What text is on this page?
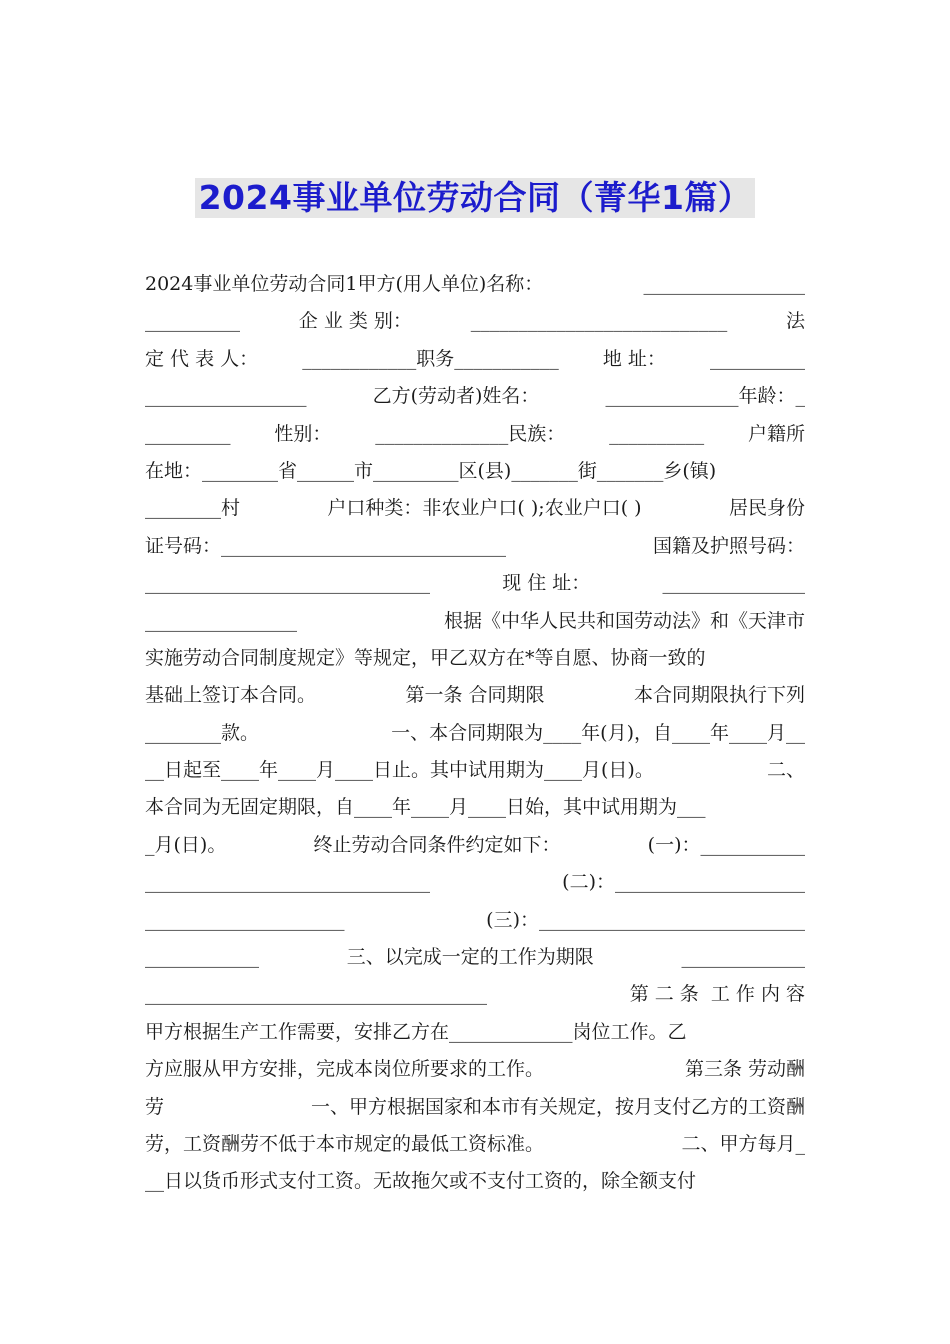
2024事业单位劳动合同（菁华1篇）
2024事业单位劳动合同1甲方(用人单位)名称：	_________________
__________	企 业 类 别：	___________________________	法
定 代 表 人： ____________职务___________ 地 址： __________
_________________	乙方(劳动者)姓名：	______________年龄：_
_________ 性别： ______________民族： __________ 户籍所
在地：________省______市_________区(县)_______街_______乡(镇)
________村	户口种类：非农业户口( );农业户口( )	居民身份
证号码：______________________________	国籍及护照号码：
______________________________	现 住 址：	_______________
________________	根据《中华人民共和国劳动法》和《天津市
实施劳动合同制度规定》等规定，甲乙双方在*等自愿、协商一致的
基础上签订本合同。	第一条 合同期限	本合同期限执行下列
________款。	一、本合同期限为____年(月)，自____年____月__
__日起至____年____月____日止。其中试用期为____月(日)。	二、
本合同为无固定期限，自____年____月____日始，其中试用期为___
_月(日)。	终止劳动合同条件约定如下：	(一)：___________
______________________________	(二)：____________________
_____________________	(三)：____________________________
____________	三、以完成一定的工作为期限	_____________
____________________________________	第 二 条  工 作 内 容
甲方根据生产工作需要，安排乙方在_____________岗位工作。乙
方应服从甲方安排，完成本岗位所要求的工作。	第三条 劳动酬
劳	一、甲方根据国家和本市有关规定，按月支付乙方的工资酬
劳，工资酬劳不低于本市规定的最低工资标准。	二、甲方每月_
__日以货币形式支付工资。无故拖欠或不支付工资的，除全额支付
